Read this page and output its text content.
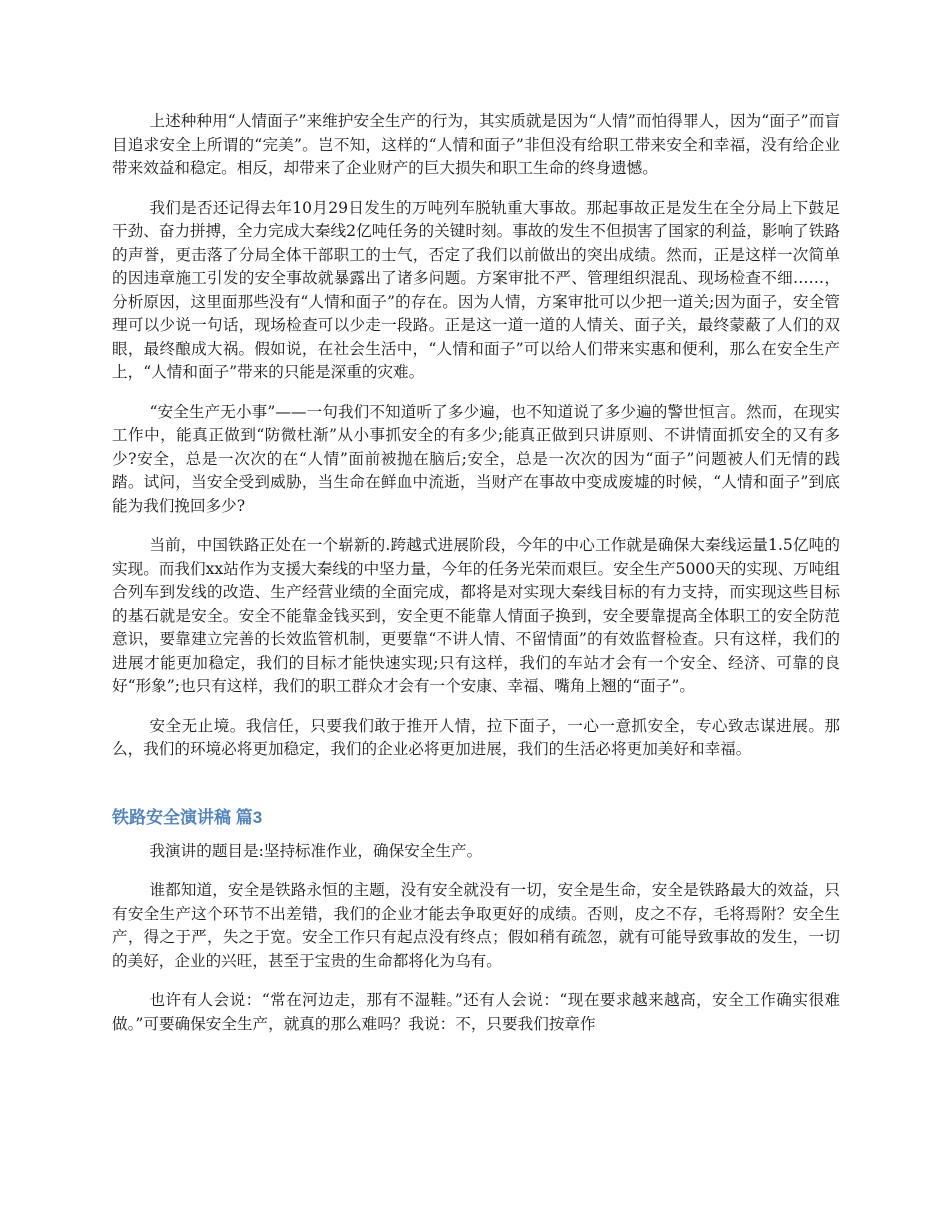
上述种种用“人情面子”来维护安全生产的行为，其实质就是因为“人情”而怕得罪人，因为“面子”而盲目追求安全上所谓的“完美”。岂不知，这样的“人情和面子”非但没有给职工带来安全和幸福，没有给企业带来效益和稳定。相反，却带来了企业财产的巨大损失和职工生命的终身遗憾。

我们是否还记得去年10月29日发生的万吨列车脱轨重大事故。那起事故正是发生在全分局上下鼓足干劲、奋力拼搏，全力完成大秦线2亿吨任务的关键时刻。事故的发生不但损害了国家的利益，影响了铁路的声誉，更击落了分局全体干部职工的士气，否定了我们以前做出的突出成绩。然而，正是这样一次简单的因违章施工引发的安全事故就暴露出了诸多问题。方案审批不严、管理组织混乱、现场检查不细……，分析原因，这里面那些没有“人情和面子”的存在。因为人情，方案审批可以少把一道关;因为面子，安全管理可以少说一句话，现场检查可以少走一段路。正是这一道一道的人情关、面子关，最终蒙蔽了人们的双眼，最终酿成大祸。假如说，在社会生活中，“人情和面子”可以给人们带来实惠和便利，那么在安全生产上，“人情和面子”带来的只能是深重的灾难。

“安全生产无小事”——一句我们不知道听了多少遍，也不知道说了多少遍的警世恒言。然而，在现实工作中，能真正做到“防微杜渐”从小事抓安全的有多少;能真正做到只讲原则、不讲情面抓安全的又有多少?安全，总是一次次的在“人情”面前被抛在脑后;安全，总是一次次的因为“面子”问题被人们无情的践踏。试问，当安全受到威胁，当生命在鲜血中流逝，当财产在事故中变成废墟的时候，“人情和面子”到底能为我们挽回多少?

当前，中国铁路正处在一个崭新的.跨越式进展阶段，今年的中心工作就是确保大秦线运量1.5亿吨的实现。而我们xx站作为支援大秦线的中坚力量，今年的任务光荣而艰巨。安全生产5000天的实现、万吨组合列车到发线的改造、生产经营业绩的全面完成，都将是对实现大秦线目标的有力支持，而实现这些目标的基石就是安全。安全不能靠金钱买到，安全更不能靠人情面子换到，安全要靠提高全体职工的安全防范意识，要靠建立完善的长效监管机制，更要靠“不讲人情、不留情面”的有效监督检查。只有这样，我们的进展才能更加稳定，我们的目标才能快速实现;只有这样，我们的车站才会有一个安全、经济、可靠的良好“形象”;也只有这样，我们的职工群众才会有一个安康、幸福、嘴角上翘的“面子”。

安全无止境。我信任，只要我们敢于推开人情，拉下面子，一心一意抓安全，专心致志谋进展。那么，我们的环境必将更加稳定，我们的企业必将更加进展，我们的生活必将更加美好和幸福。

铁路安全演讲稿 篇3

我演讲的题目是:坚持标准作业，确保安全生产。

谁都知道，安全是铁路永恒的主题，没有安全就没有一切，安全是生命，安全是铁路最大的效益，只有安全生产这个环节不出差错，我们的企业才能去争取更好的成绩。否则，皮之不存，毛将焉附？安全生产，得之于严，失之于宽。安全工作只有起点没有终点；假如稍有疏忽，就有可能导致事故的发生，一切的美好，企业的兴旺，甚至于宝贵的生命都将化为乌有。

也许有人会说：“常在河边走，那有不湿鞋。”还有人会说：“现在要求越来越高，安全工作确实很难做。”可要确保安全生产，就真的那么难吗？我说：不，只要我们按章作
